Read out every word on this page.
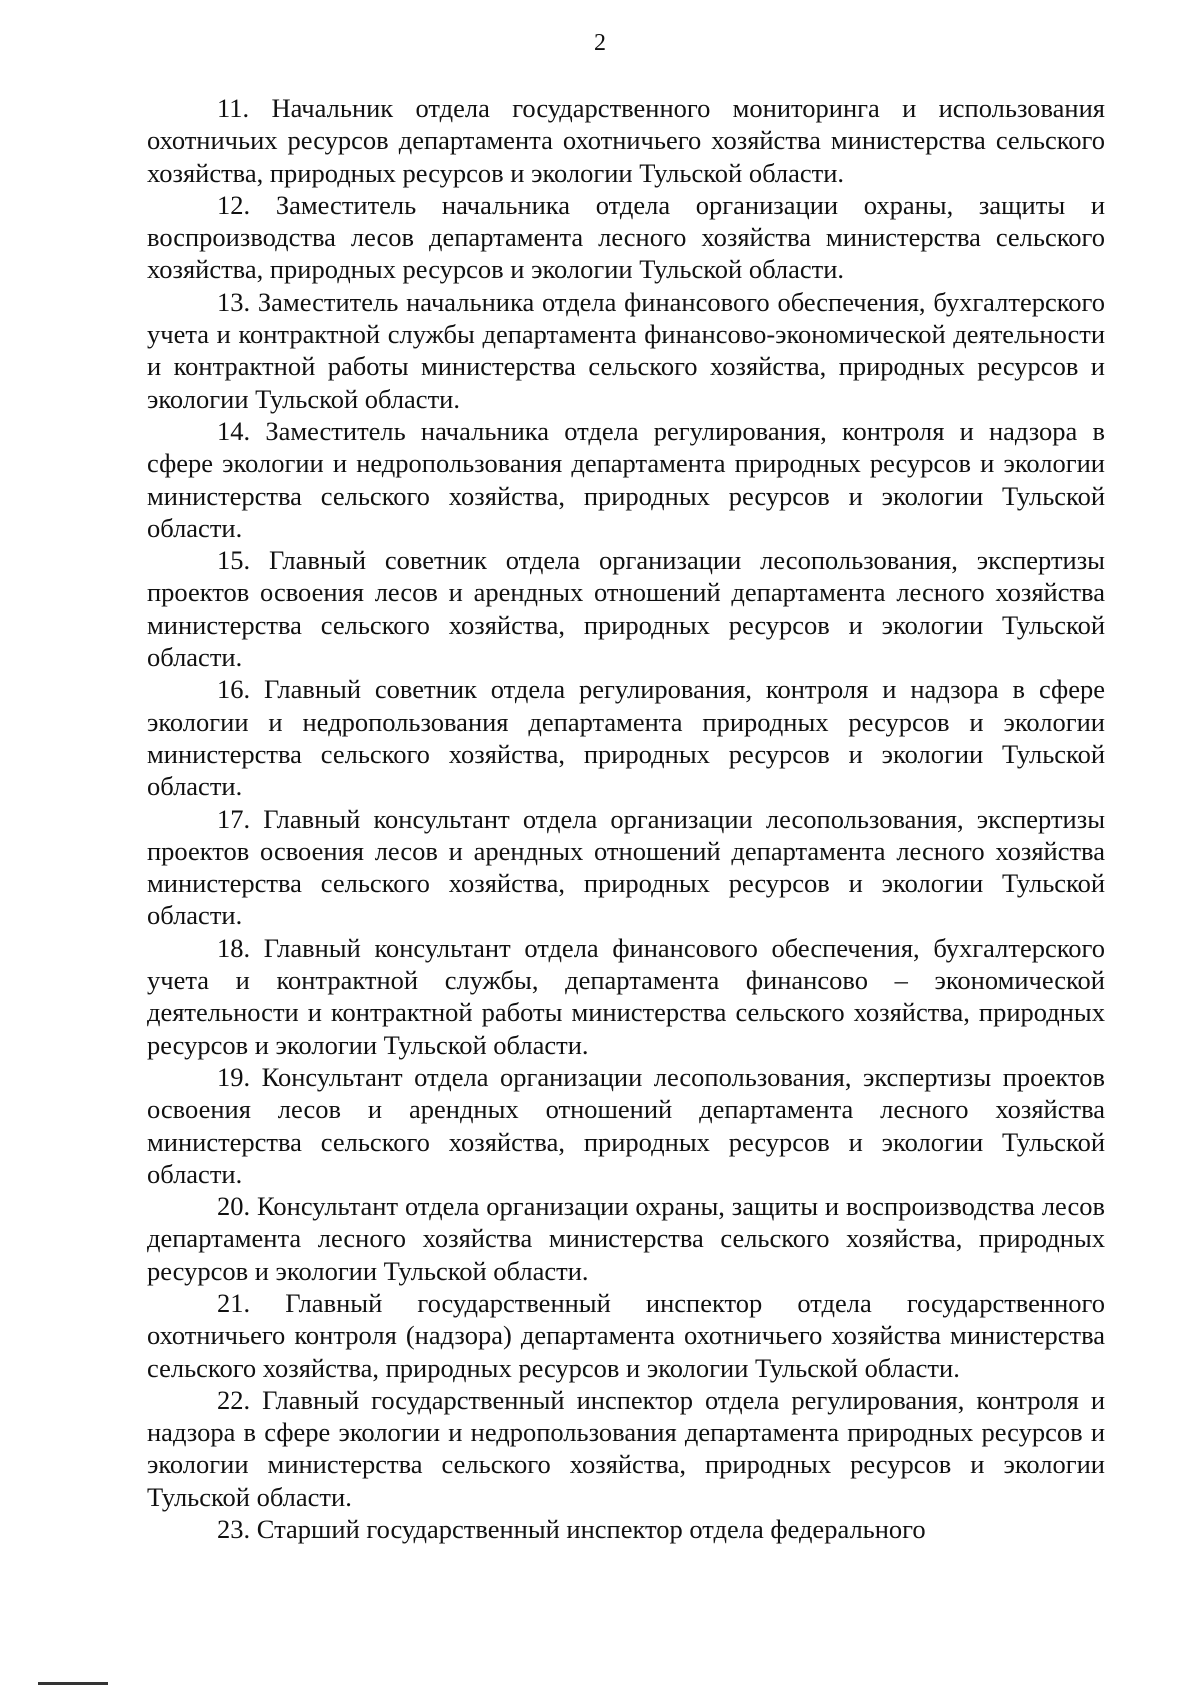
2

11. Начальник отдела государственного мониторинга и использования охотничьих ресурсов департамента охотничьего хозяйства министерства сельского хозяйства, природных ресурсов и экологии Тульской области.

12. Заместитель начальника отдела организации охраны, защиты и воспроизводства лесов департамента лесного хозяйства министерства сельского хозяйства, природных ресурсов и экологии Тульской области.

13. Заместитель начальника отдела финансового обеспечения, бухгалтерского учета и контрактной службы департамента финансово-экономической деятельности и контрактной работы министерства сельского хозяйства, природных ресурсов и экологии Тульской области.

14. Заместитель начальника отдела регулирования, контроля и надзора в сфере экологии и недропользования департамента природных ресурсов и экологии министерства сельского хозяйства, природных ресурсов и экологии Тульской области.

15. Главный советник отдела организации лесопользования, экспертизы проектов освоения лесов и арендных отношений департамента лесного хозяйства министерства сельского хозяйства, природных ресурсов и экологии Тульской области.

16. Главный советник отдела регулирования, контроля и надзора в сфере экологии и недропользования департамента природных ресурсов и экологии министерства сельского хозяйства, природных ресурсов и экологии Тульской области.

17. Главный консультант отдела организации лесопользования, экспертизы проектов освоения лесов и арендных отношений департамента лесного хозяйства министерства сельского хозяйства, природных ресурсов и экологии Тульской области.

18. Главный консультант отдела финансового обеспечения, бухгалтерского учета и контрактной службы, департамента финансово – экономической деятельности и контрактной работы министерства сельского хозяйства, природных ресурсов и экологии Тульской области.

19. Консультант отдела организации лесопользования, экспертизы проектов освоения лесов и арендных отношений департамента лесного хозяйства министерства сельского хозяйства, природных ресурсов и экологии Тульской области.

20. Консультант отдела организации охраны, защиты и воспроизводства лесов департамента лесного хозяйства министерства сельского хозяйства, природных ресурсов и экологии Тульской области.

21. Главный государственный инспектор отдела государственного охотничьего контроля (надзора) департамента охотничьего хозяйства министерства сельского хозяйства, природных ресурсов и экологии Тульской области.

22. Главный государственный инспектор отдела регулирования, контроля и надзора в сфере экологии и недропользования департамента природных ресурсов и экологии министерства сельского хозяйства, природных ресурсов и экологии Тульской области.

23. Старший государственный инспектор отдела федерального
